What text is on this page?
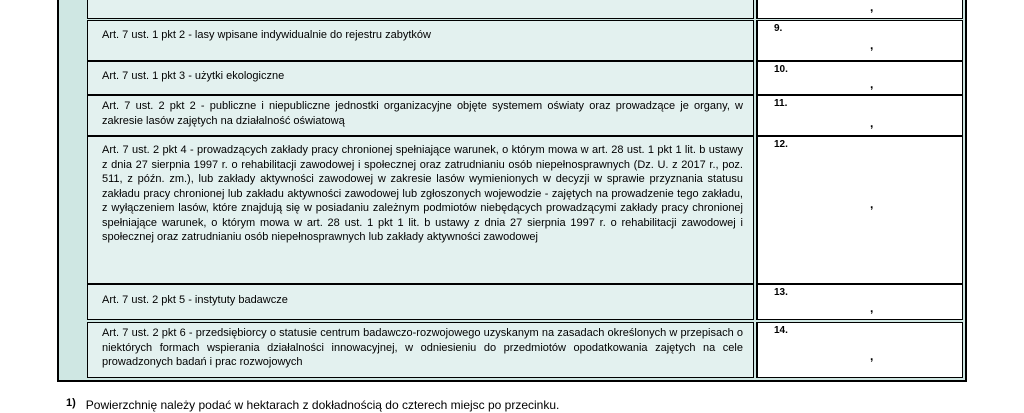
,
Art. 7 ust. 1 pkt 2 - lasy wpisane indywidualnie do rejestru zabytków
9.
,
Art. 7 ust. 1 pkt 3 - użytki ekologiczne
10.
,
Art. 7 ust. 2 pkt 2 - publiczne i niepubliczne jednostki organizacyjne objęte systemem oświaty oraz prowadzące je organy, w zakresie lasów zajętych na działalność oświatową
11.
,
Art. 7 ust. 2 pkt 4 - prowadzących zakłady pracy chronionej spełniające warunek, o którym mowa w art. 28 ust. 1 pkt 1 lit. b ustawy z dnia 27 sierpnia 1997 r. o rehabilitacji zawodowej i społecznej oraz zatrudnianiu osób niepełnosprawnych (Dz. U. z 2017 r., poz. 511, z późn. zm.), lub zakłady aktywności zawodowej w zakresie lasów wymienionych w decyzji w sprawie przyznania statusu zakładu pracy chronionej lub zakładu aktywności zawodowej lub zgłoszonych wojewodzie - zajętych na prowadzenie tego zakładu, z wyłączeniem lasów, które znajdują się w posiadaniu zależnym podmiotów niebędących prowadzącymi zakłady pracy chronionej spełniające warunek, o którym mowa w art. 28 ust. 1 pkt 1 lit. b ustawy z dnia 27 sierpnia 1997 r. o rehabilitacji zawodowej i społecznej oraz zatrudnianiu osób niepełnosprawnych lub zakłady aktywności zawodowej
12.
,
Art. 7 ust. 2 pkt 5 - instytuty badawcze
13.
,
Art. 7 ust. 2 pkt 6 - przedsiębiorcy o statusie centrum badawczo-rozwojowego uzyskanym na zasadach określonych w przepisach o niektórych formach wspierania działalności innowacyjnej, w odniesieniu do przedmiotów opodatkowania zajętych na cele prowadzonych badań i prac rozwojowych
14.
,
1) Powierzchnię należy podać w hektarach z dokładnością do czterech miejsc po przecinku.
